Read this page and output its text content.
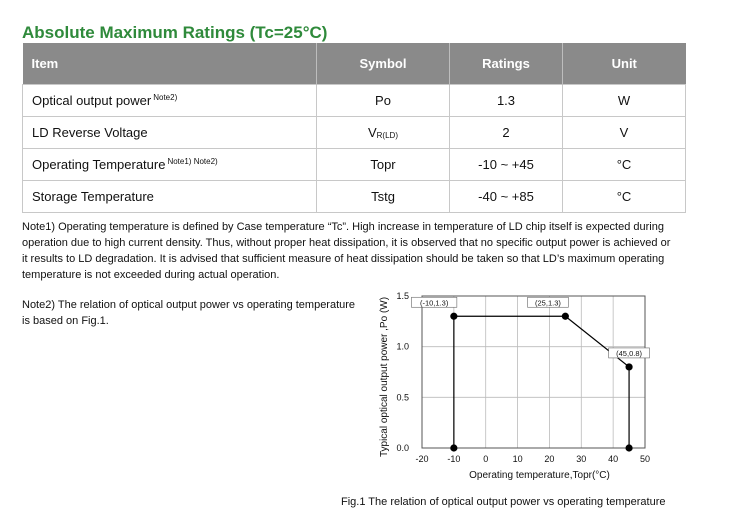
Absolute Maximum Ratings (Tc=25°C)
Item	Symbol	Ratings	Unit
Optical output power $^{Note2)}$	Po	1.3	W
LD Reverse Voltage	$V_{R(LD)}$	2	V
Operating Temperature $^{Note1) Note2)}$	Topr	-10 ~ +45	°C
Storage Temperature	Tstg	-40 ~ +85	°C
Note1) Operating temperature is defined by Case temperature “Tc”. High increase in temperature of LD chip itself is expected during operation due to high current density. Thus, without proper heat dissipation, it is observed that no specific output power is achieved or it results to LD degradation. It is advised that sufficient measure of heat dissipation should be taken so that LD’s maximum operating temperature is not exceeded during actual operation.
Note2) The relation of optical output power vs operating temperature is based on Fig.1.
-20 -10	0	10 20 30 40 50
0.0
0.5
1.0
1.5
(-10,1.3)	(25,1.3)
(45,0.8)
Operating temperature,Topr(°C)
Typical optical output power ,Po (W)
Fig.1 The relation of optical output power vs operating temperature
